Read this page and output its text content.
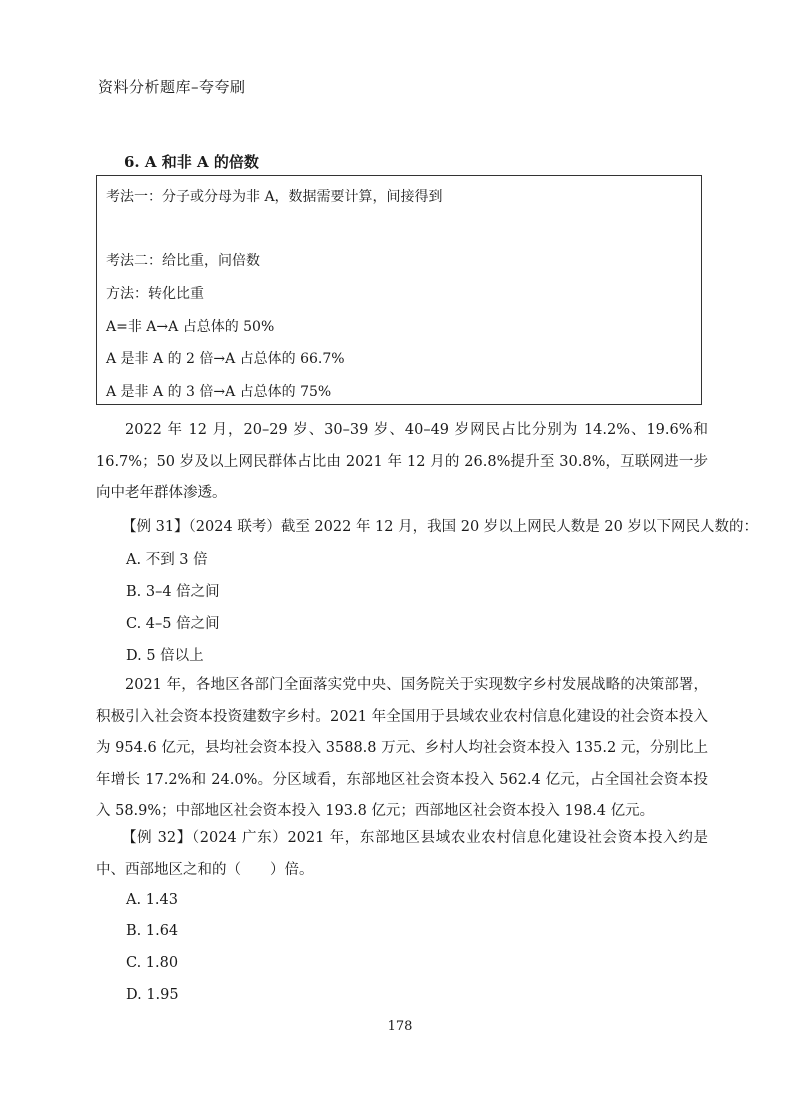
资料分析题库–夸夸刷
6. A 和非 A 的倍数
考法一：分子或分母为非 A，数据需要计算，间接得到
考法二：给比重，问倍数
方法：转化比重
A=非 A→A 占总体的 50%
A 是非 A 的 2 倍→A 占总体的 66.7%
A 是非 A 的 3 倍→A 占总体的 75%

2022 年 12 月，20–29 岁、30–39 岁、40–49 岁网民占比分别为 14.2%、19.6%和 16.7%；50 岁及以上网民群体占比由 2021 年 12 月的 26.8%提升至 30.8%，互联网进一步向中老年群体渗透。

【例 31】（2024 联考）截至 2022 年 12 月，我国 20 岁以上网民人数是 20 岁以下网民人数的：
A. 不到 3 倍
B. 3–4 倍之间
C. 4–5 倍之间
D. 5 倍以上

2021 年，各地区各部门全面落实党中央、国务院关于实现数字乡村发展战略的决策部署，积极引入社会资本投资建数字乡村。2021 年全国用于县域农业农村信息化建设的社会资本投入为 954.6 亿元，县均社会资本投入 3588.8 万元、乡村人均社会资本投入 135.2 元，分别比上年增长 17.2%和 24.0%。分区域看，东部地区社会资本投入 562.4 亿元，占全国社会资本投入 58.9%；中部地区社会资本投入 193.8 亿元；西部地区社会资本投入 198.4 亿元。

【例 32】（2024 广东）2021 年，东部地区县域农业农村信息化建设社会资本投入约是中、西部地区之和的（　　）倍。

A. 1.43
B. 1.64
C. 1.80
D. 1.95
178
